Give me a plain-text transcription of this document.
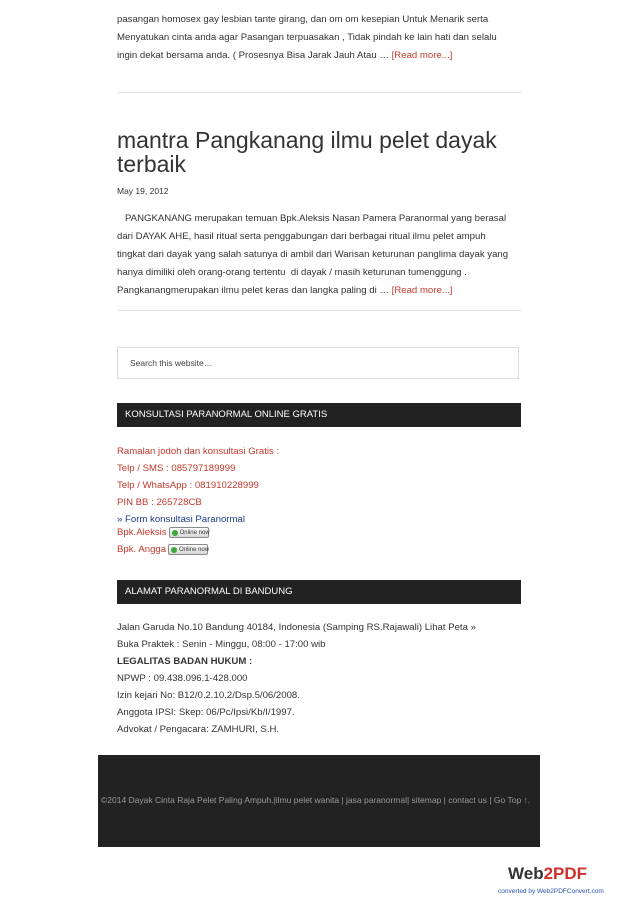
pasangan homosex gay lesbian tante girang, dan om om kesepian Untuk Menarik serta
Menyatukan cinta anda agar Pasangan terpuasakan , Tidak pindah ke lain hati dan selalu
ingin dekat bersama anda. ( Prosesnya Bisa Jarak Jauh Atau … [Read more...]

mantra Pangkanang ilmu pelet dayak terbaik
May 19, 2012

PANGKANANG merupakan temuan Bpk.Aleksis Nasan Pamera Paranormal yang berasal
dari DAYAK AHE, hasil ritual serta penggabungan dari berbagai ritual ilmu pelet ampuh
tingkat dari dayak yang salah satunya di ambil dari Warisan keturunan panglima dayak yang
hanya dimiliki oleh orang-orang tertentu  di dayak / masih keturunan tumenggung .
Pangkanangmerupakan ilmu pelet keras dan langka paling di … [Read more...]

Search this website…
KONSULTASI PARANORMAL ONLINE GRATIS
Ramalan jodoh dan konsultasi Gratis :
Telp / SMS : 085797189999
Telp / WhatsApp : 081910228999
PIN BB : 265728CB
» Form konsultasi Paranormal
Bpk.Aleksis Online now
Bpk. Angga Online now
ALAMAT PARANORMAL DI BANDUNG
Jalan Garuda No.10 Bandung 40184, Indonesia (Samping RS.Rajawali) Lihat Peta »
Buka Praktek : Senin - Minggu, 08:00 - 17:00 wib
LEGALITAS BADAN HUKUM :
NPWP : 09.438.096.1-428.000
Izin kejari No: B12/0.2.10.2/Dsp.5/06/2008.
Anggota IPSI: Skep: 06/Pc/Ipsi/Kb/I/1997.
Advokat / Pengacara: ZAMHURI, S.H.
©2014 Dayak Cinta Raja Pelet Paling Ampuh.|ilmu pelet wanita | jasa paranormal| sitemap | contact us | Go Top ↑.
Web2PDF
converted by Web2PDFConvert.com
